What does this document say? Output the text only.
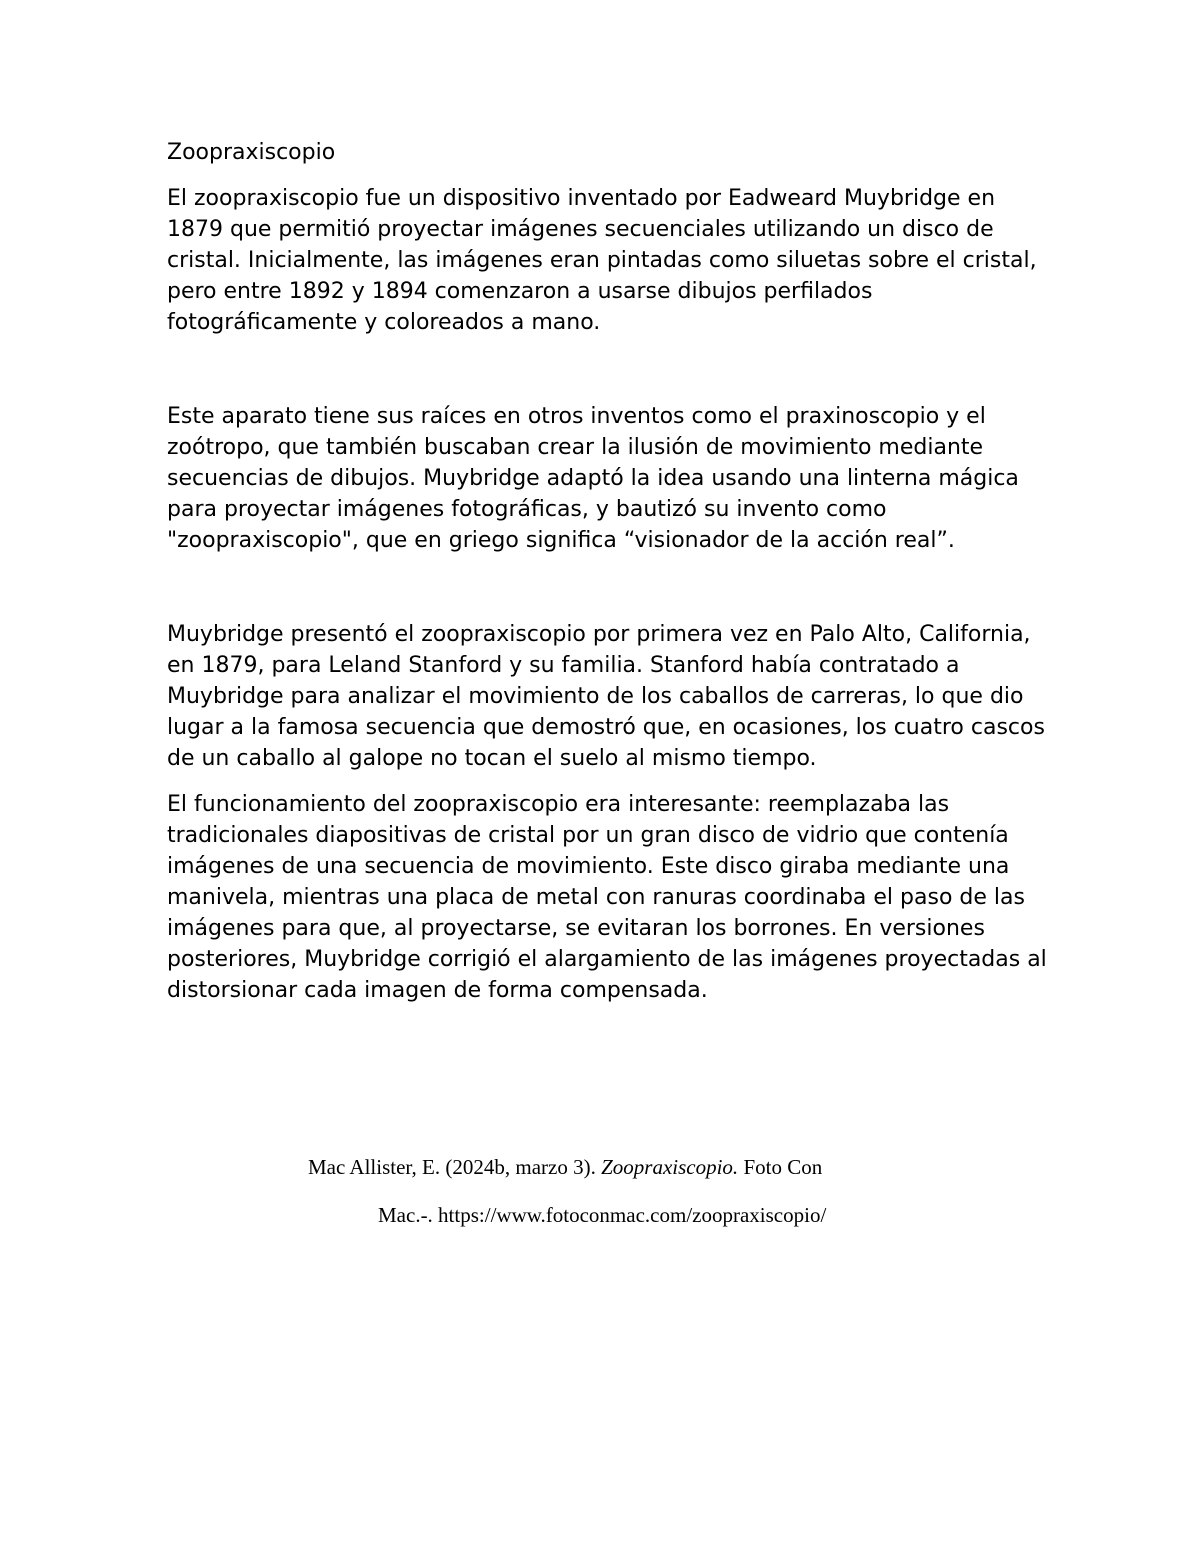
Zoopraxiscopio

El zoopraxiscopio fue un dispositivo inventado por Eadweard Muybridge en 1879 que permitió proyectar imágenes secuenciales utilizando un disco de cristal. Inicialmente, las imágenes eran pintadas como siluetas sobre el cristal, pero entre 1892 y 1894 comenzaron a usarse dibujos perfilados fotográficamente y coloreados a mano.

Este aparato tiene sus raíces en otros inventos como el praxinoscopio y el zoótropo, que también buscaban crear la ilusión de movimiento mediante secuencias de dibujos. Muybridge adaptó la idea usando una linterna mágica para proyectar imágenes fotográficas, y bautizó su invento como "zoopraxiscopio", que en griego significa “visionador de la acción real”.

Muybridge presentó el zoopraxiscopio por primera vez en Palo Alto, California, en 1879, para Leland Stanford y su familia. Stanford había contratado a Muybridge para analizar el movimiento de los caballos de carreras, lo que dio lugar a la famosa secuencia que demostró que, en ocasiones, los cuatro cascos de un caballo al galope no tocan el suelo al mismo tiempo.

El funcionamiento del zoopraxiscopio era interesante: reemplazaba las tradicionales diapositivas de cristal por un gran disco de vidrio que contenía imágenes de una secuencia de movimiento. Este disco giraba mediante una manivela, mientras una placa de metal con ranuras coordinaba el paso de las imágenes para que, al proyectarse, se evitaran los borrones. En versiones posteriores, Muybridge corrigió el alargamiento de las imágenes proyectadas al distorsionar cada imagen de forma compensada.

Mac Allister, E. (2024b, marzo 3). Zoopraxiscopio. Foto Con
Mac.-. https://www.fotoconmac.com/zoopraxiscopio/
